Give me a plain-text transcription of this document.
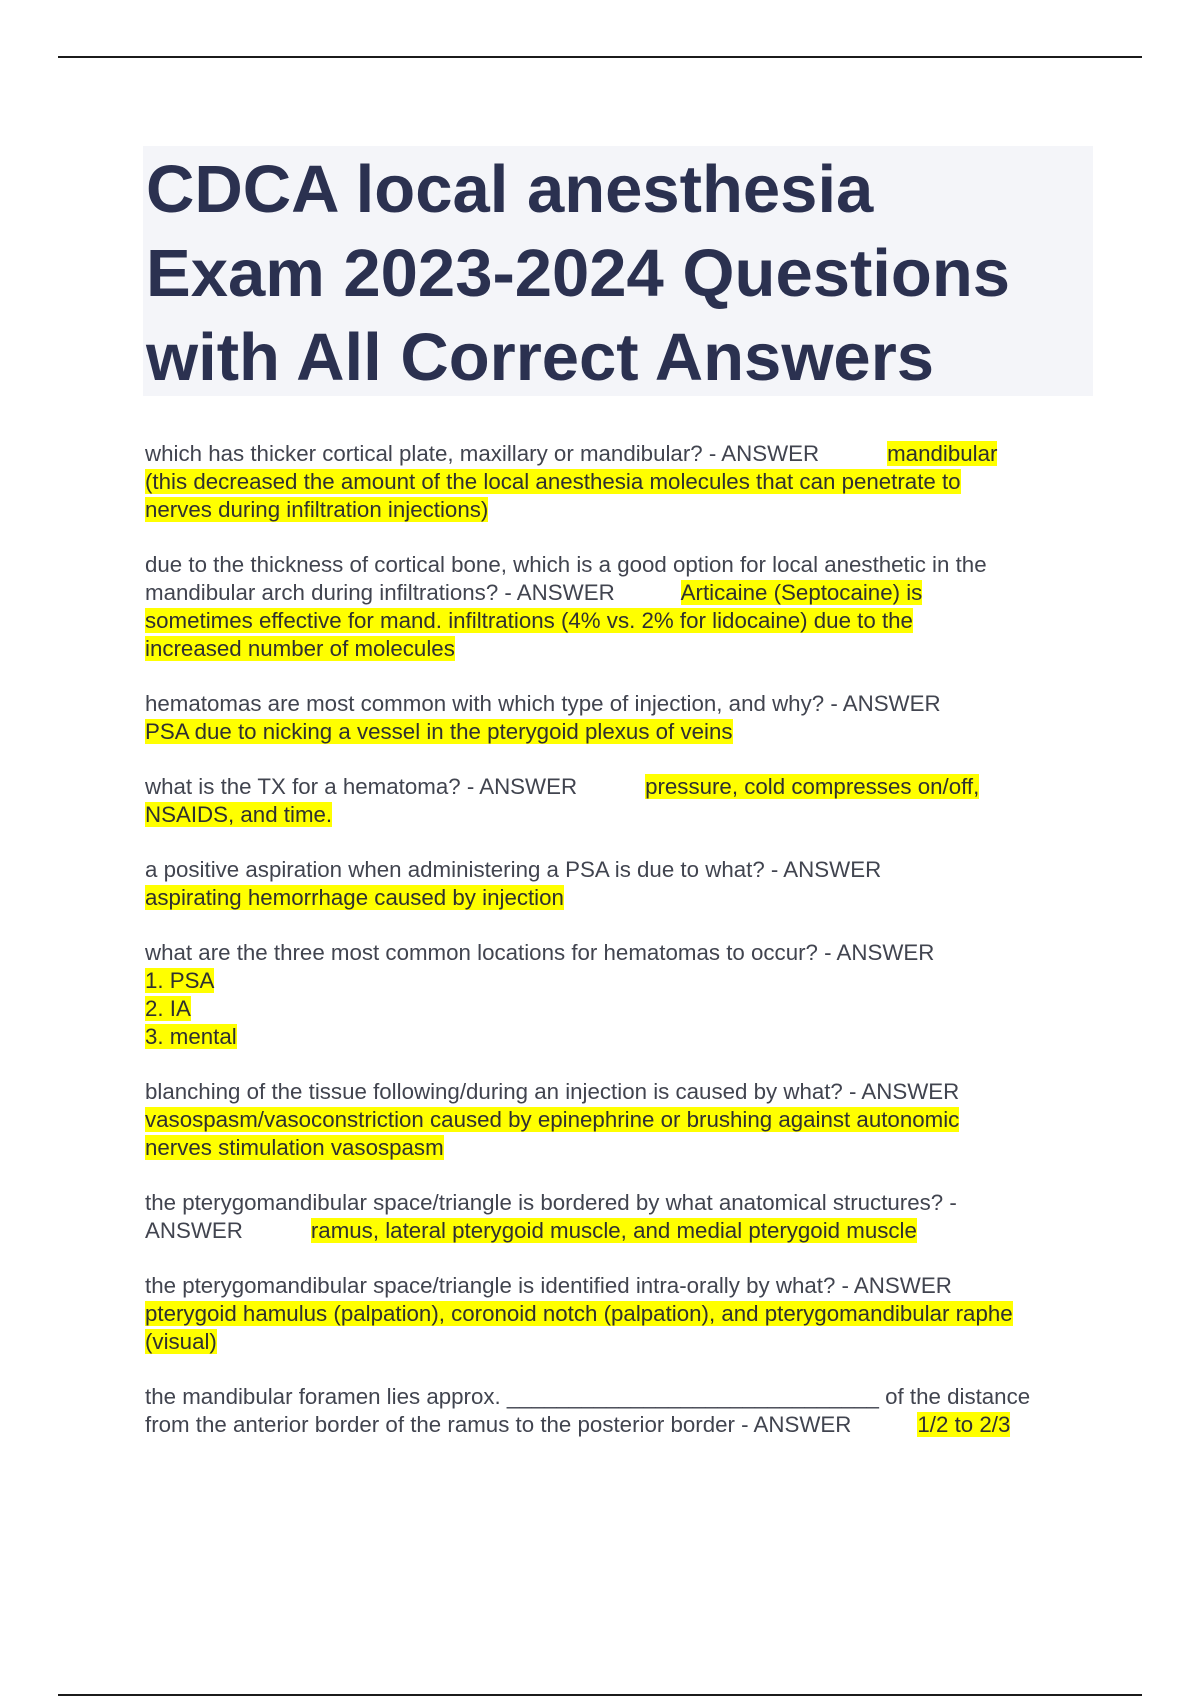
CDCA local anesthesia
Exam 2023-2024 Questions
with All Correct Answers
which has thicker cortical plate, maxillary or mandibular? - ANSWER	mandibular
(this decreased the amount of the local anesthesia molecules that can penetrate to
nerves during infiltration injections)
due to the thickness of cortical bone, which is a good option for local anesthetic in the
mandibular arch during infiltrations? - ANSWER	Articaine (Septocaine) is
sometimes effective for mand. infiltrations (4% vs. 2% for lidocaine) due to the
increased number of molecules
hematomas are most common with which type of injection, and why? - ANSWER
PSA due to nicking a vessel in the pterygoid plexus of veins
what is the TX for a hematoma? - ANSWER	pressure, cold compresses on/off,
NSAIDS, and time.
a positive aspiration when administering a PSA is due to what? - ANSWER
aspirating hemorrhage caused by injection
what are the three most common locations for hematomas to occur? - ANSWER
1. PSA
2. IA
3. mental
blanching of the tissue following/during an injection is caused by what? - ANSWER
vasospasm/vasoconstriction caused by epinephrine or brushing against autonomic
nerves stimulation vasospasm
the pterygomandibular space/triangle is bordered by what anatomical structures? -
ANSWER	ramus, lateral pterygoid muscle, and medial pterygoid muscle
the pterygomandibular space/triangle is identified intra-orally by what? - ANSWER
pterygoid hamulus (palpation), coronoid notch (palpation), and pterygomandibular raphe
(visual)
the mandibular foramen lies approx. ______________________________ of the distance
from the anterior border of the ramus to the posterior border - ANSWER	1/2 to 2/3
